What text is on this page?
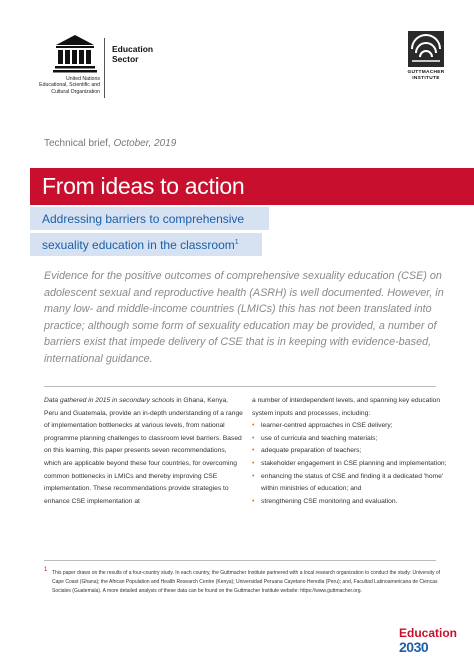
United Nations
Educational, Scientific and
Cultural Organization
Education
Sector
GUTTMACHER
INSTITUTE
Technical brief, October, 2019
From ideas to action
Addressing barriers to comprehensive
sexuality education in the classroom$^1$
Evidence for the positive outcomes of comprehensive sexuality education (CSE) on adolescent sexual and reproductive health (ASRH) is well documented. However, in many low- and middle-income countries (LMICs) this has not been translated into practice; although some form of sexuality education may be provided, a number of barriers exist that impede delivery of CSE that is in keeping with evidence-based, international guidance.
Data gathered in 2015 in secondary schools in Ghana, Kenya, Peru and Guatemala, provide an in-depth understanding of a range of implementation bottlenecks at various levels, from national programme planning challenges to classroom level barriers. Based on this learning, this paper presents seven recommendations, which are applicable beyond these four countries, for overcoming common bottlenecks in LMICs and thereby improving CSE implementation. These recommendations provide strategies to enhance CSE implementation at
a number of interdependent levels, and spanning key education system inputs and processes, including:
• learner-centred approaches in CSE delivery;
• use of curricula and teaching materials;
• adequate preparation of teachers;
• stakeholder engagement in CSE planning and implementation;
• enhancing the status of CSE and finding it a dedicated 'home' within ministries of education; and
• strengthening CSE monitoring and evaluation.
1 This paper draws on the results of a four-country study. In each country, the Guttmacher Institute partnered with a local research organization to conduct the study: University of Cape Coast (Ghana); the African Population and Health Research Centre (Kenya); Universidad Peruana Cayetano Heredia (Peru); and, Facultad Latinoamericana de Ciencas Sociales (Guatemala). A more detailed analysis of these data can be found on the Guttmacher Institute website: https://www.guttmacher.org.
Education
2030
